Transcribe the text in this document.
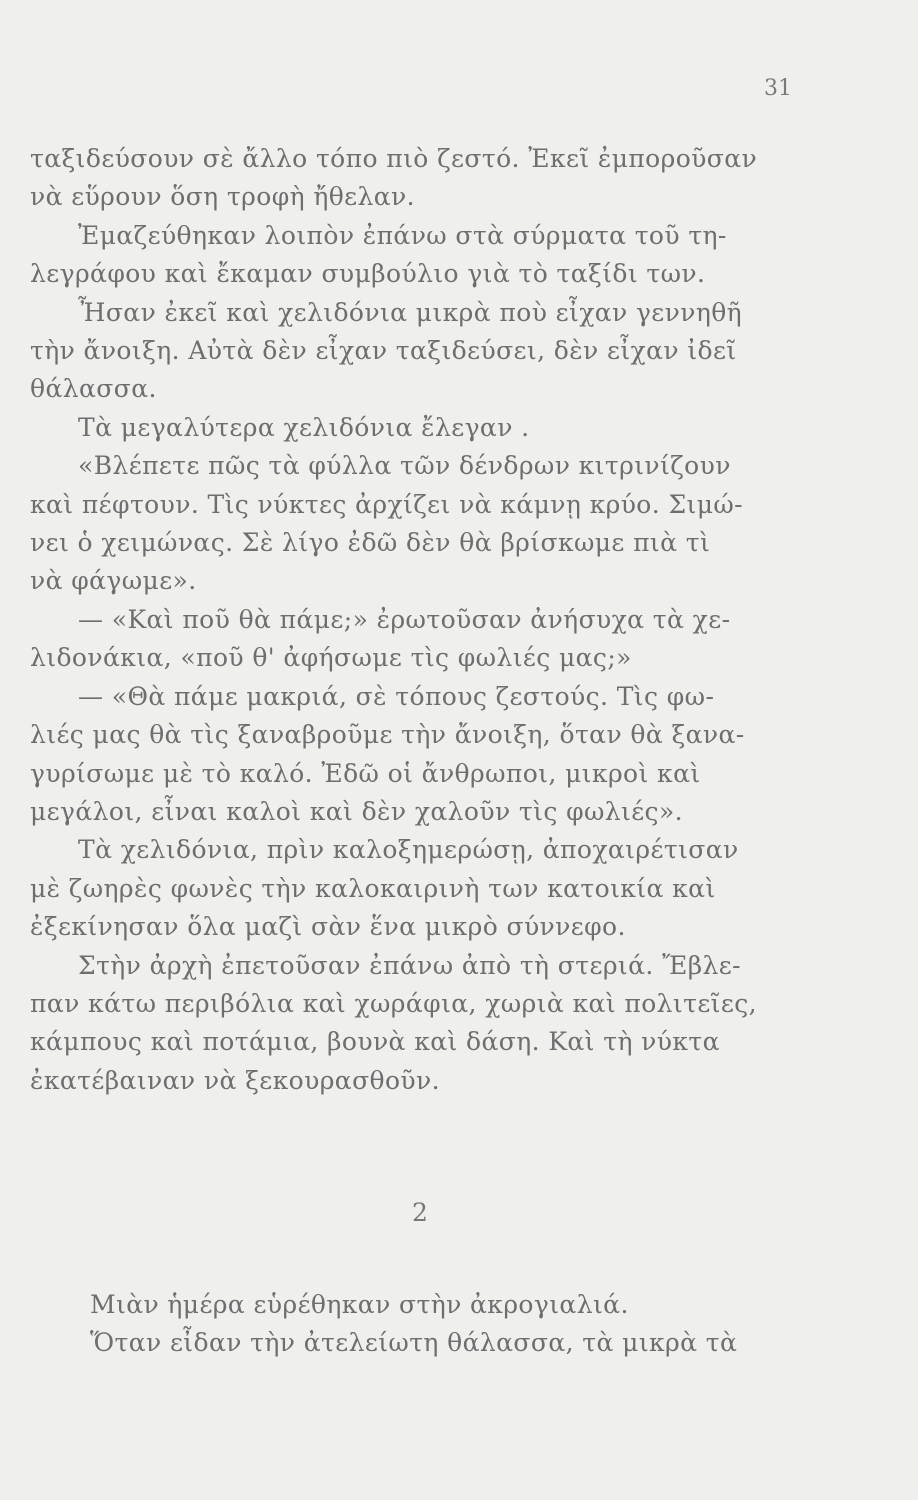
31
ταξιδεύσουν σὲ ἄλλο τόπο πιὸ ζεστό. Ἐκεῖ ἐμποροῦσαν
νὰ εὕρουν ὅση τροφὴ ἤθελαν.
Ἐμαζεύθηκαν λοιπὸν ἐπάνω στὰ σύρματα τοῦ τη-
λεγράφου καὶ ἔκαμαν συμβούλιο γιὰ τὸ ταξίδι των.
Ἦσαν ἐκεῖ καὶ χελιδόνια μικρὰ ποὺ εἶχαν γεννηθῆ
τὴν ἄνοιξη. Αὐτὰ δὲν εἶχαν ταξιδεύσει, δὲν εἶχαν ἰδεῖ
θάλασσα.
Τὰ μεγαλύτερα χελιδόνια ἔλεγαν .
«Βλέπετε πῶς τὰ φύλλα τῶν δένδρων κιτρινίζουν
καὶ πέφτουν. Τὶς νύκτες ἀρχίζει νὰ κάμνῃ κρύο. Σιμώ-
νει ὁ χειμώνας. Σὲ λίγο ἐδῶ δὲν θὰ βρίσκωμε πιὰ τὶ
νὰ φάγωμε».
— «Καὶ ποῦ θὰ πάμε;» ἐρωτοῦσαν ἀνήσυχα τὰ χε-
λιδονάκια, «ποῦ θ' ἀφήσωμε τὶς φωλιές μας;»
— «Θὰ πάμε μακριά, σὲ τόπους ζεστούς. Τὶς φω-
λιές μας θὰ τὶς ξαναβροῦμε τὴν ἄνοιξη, ὅταν θὰ ξανα-
γυρίσωμε μὲ τὸ καλό. Ἐδῶ οἱ ἄνθρωποι, μικροὶ καὶ
μεγάλοι, εἶναι καλοὶ καὶ δὲν χαλοῦν τὶς φωλιές».
Τὰ χελιδόνια, πρὶν καλοξημερώσῃ, ἀποχαιρέτισαν
μὲ ζωηρὲς φωνὲς τὴν καλοκαιρινὴ των κατοικία καὶ
ἐξεκίνησαν ὅλα μαζὶ σὰν ἕνα μικρὸ σύννεφο.
Στὴν ἀρχὴ ἐπετοῦσαν ἐπάνω ἀπὸ τὴ στεριά. Ἔβλε-
παν κάτω περιβόλια καὶ χωράφια, χωριὰ καὶ πολιτεῖες,
κάμπους καὶ ποτάμια, βουνὰ καὶ δάση. Καὶ τὴ νύκτα
ἐκατέβαιναν νὰ ξεκουρασθοῦν.
2
Μιὰν ἡμέρα εὑρέθηκαν στὴν ἀκρογιαλιά.
Ὅταν εἶδαν τὴν ἀτελείωτη θάλασσα, τὰ μικρὰ τὰ
